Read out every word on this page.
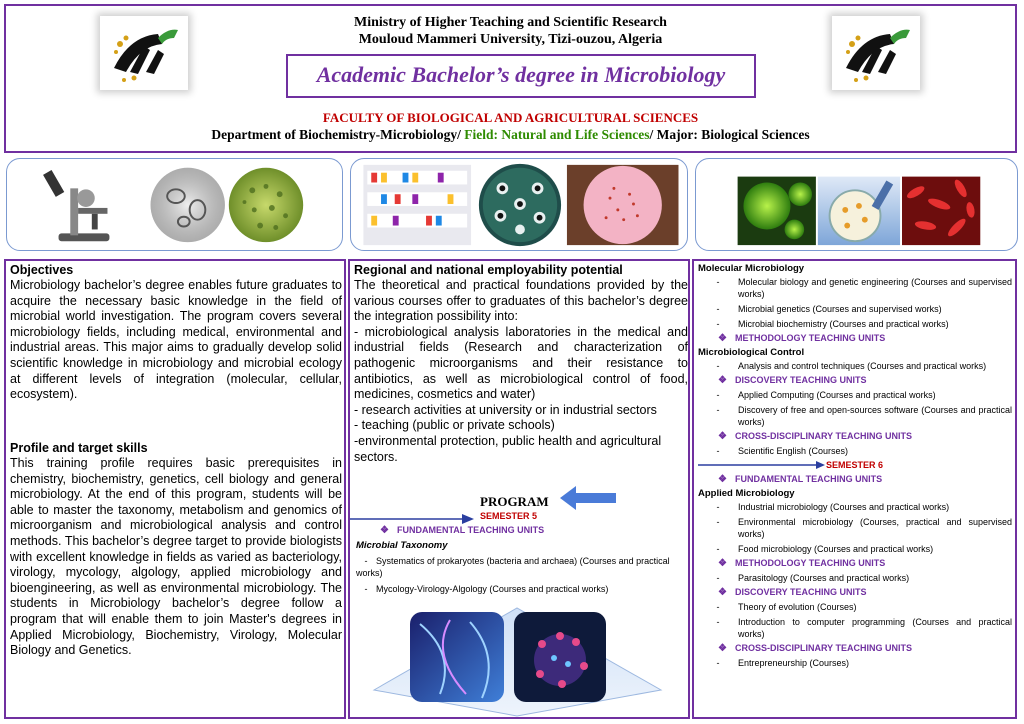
Ministry of Higher Teaching and Scientific Research
Mouloud Mammeri University, Tizi-ouzou, Algeria
Academic Bachelor’s degree in Microbiology
FACULTY OF BIOLOGICAL AND AGRICULTURAL SCIENCES
Department of Biochemistry-Microbiology/ Field: Natural and Life Sciences/ Major: Biological Sciences
Objectives
Microbiology bachelor’s degree enables future graduates to acquire the necessary basic knowledge in the field of microbial world investigation. The program covers several microbiology fields, including medical, environmental and industrial areas. This major aims to gradually develop solid scientific knowledge in microbiology and microbial ecology at different levels of integration (molecular, cellular, ecosystem).
Profile and target skills
This training profile requires basic prerequisites in chemistry, biochemistry, genetics, cell biology and general microbiology. At the end of this program, students will be able to master the taxonomy, metabolism and genomics of microorganism and microbiological analysis and control methods. This bachelor’s degree target to provide biologists with excellent knowledge in fields as varied as bacteriology, virology, mycology, algology, applied microbiology and bioengineering, as well as environmental microbiology. The students in Microbiology bachelor’s degree follow a program that will enable them to join Master's degrees in Applied Microbiology, Biochemistry, Virology, Molecular Biology and Genetics.
Regional and national employability potential
The theoretical and practical foundations provided by the various courses offer to graduates of this bachelor’s degree the integration possibility into:
- microbiological analysis laboratories in the medical and industrial fields (Research and characterization of pathogenic microorganisms and their resistance to antibiotics, as well as microbiological control of food, medicines, cosmetics and water)
- research activities at university or in industrial sectors
- teaching (public or private schools)
-environmental protection, public health and agricultural sectors.
PROGRAM
SEMESTER 5
❖ FUNDAMENTAL TEACHING UNITS
Microbial Taxonomy
- Systematics of prokaryotes (bacteria and archaea) (Courses and practical works)
- Mycology-Virology-Algology (Courses and practical works)
Molecular Microbiology
-	Molecular biology and genetic engineering (Courses and supervised works)
-	Microbial genetics (Courses and supervised works)
-	Microbial biochemistry (Courses and practical works)
❖ METHODOLOGY TEACHING UNITS
Microbiological Control
-	Analysis and control techniques (Courses and practical works)
❖ DISCOVERY TEACHING UNITS
-	Applied Computing (Courses and practical works)
-	Discovery of free and open-sources software (Courses and practical works)
❖ CROSS-DISCIPLINARY TEACHING UNITS
-	Scientific English (Courses)
SEMESTER 6
❖ FUNDAMENTAL TEACHING UNITS
Applied Microbiology
-	Industrial microbiology (Courses and practical works)
-	Environmental microbiology (Courses, practical and supervised works)
-	Food microbiology (Courses and practical works)
❖ METHODOLOGY TEACHING UNITS
-	Parasitology (Courses and practical works)
❖ DISCOVERY TEACHING UNITS
-	Theory of evolution (Courses)
-	Introduction to computer programming (Courses and practical works)
❖ CROSS-DISCIPLINARY TEACHING UNITS
-	Entrepreneurship (Courses)
